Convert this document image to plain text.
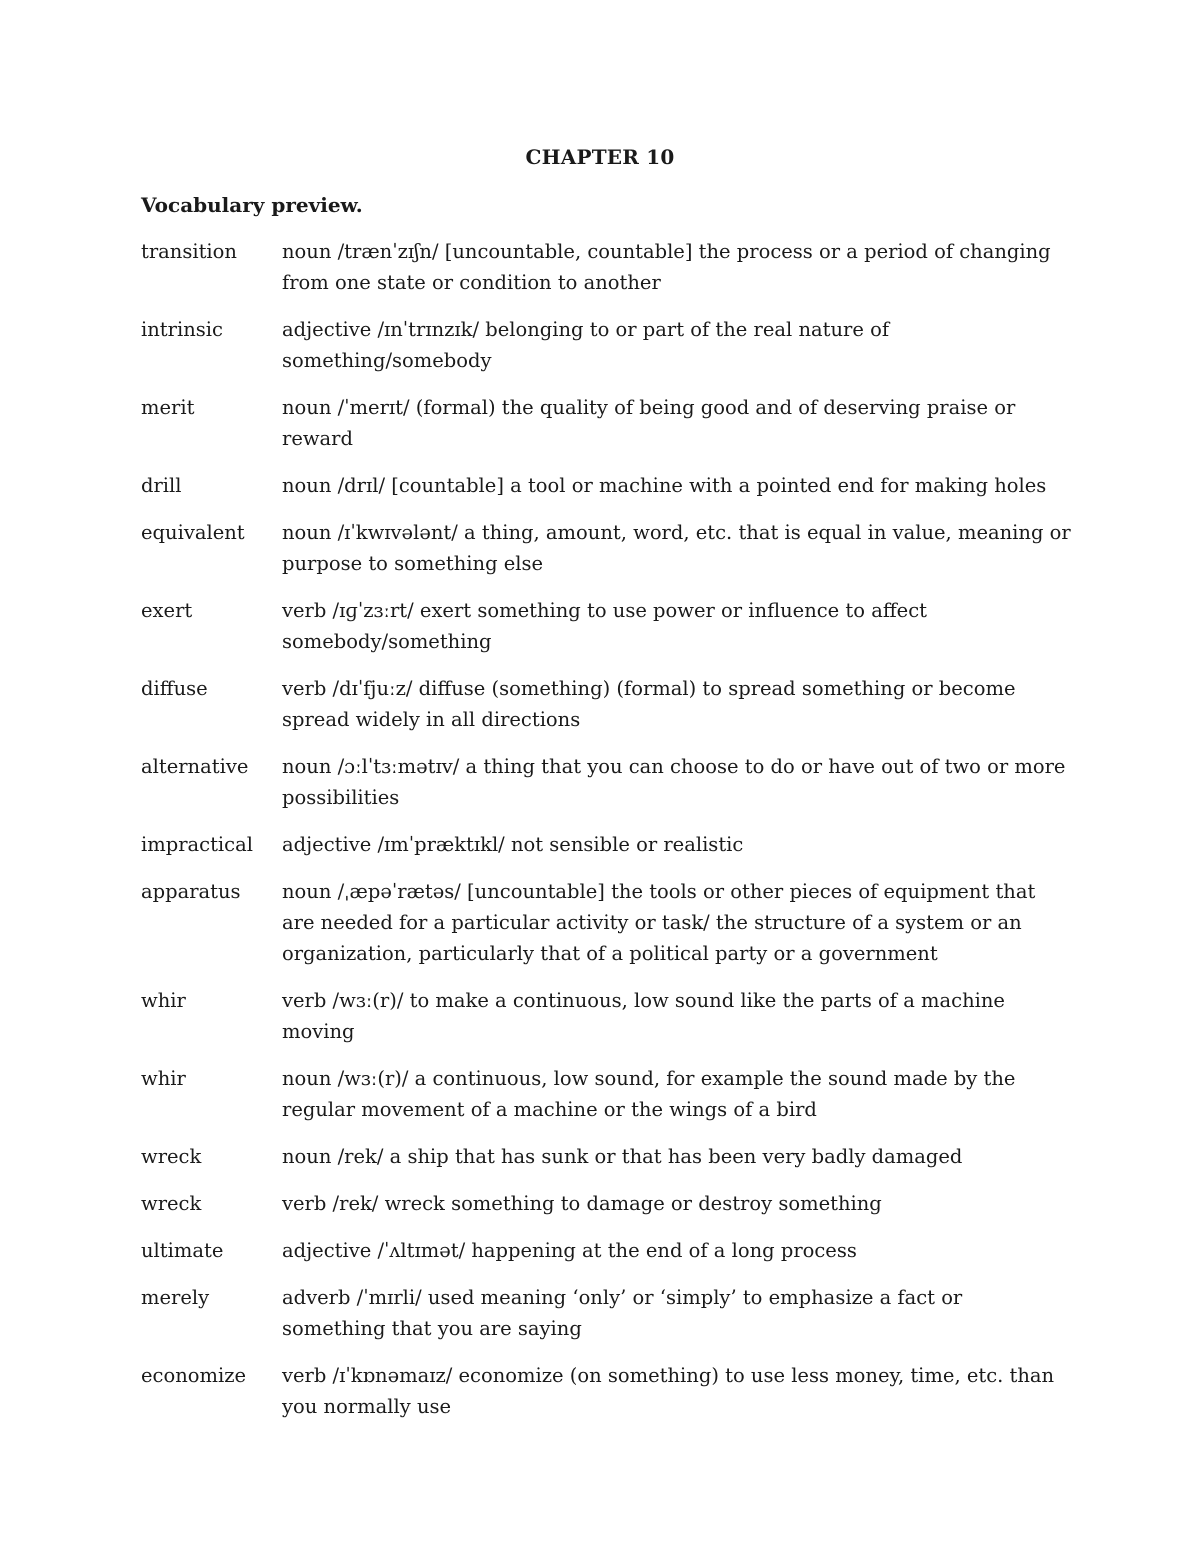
CHAPTER 10
Vocabulary preview.
transition	noun /trænˈzɪʃn/ [uncountable, countable] the process or a period of changing from one state or condition to another
intrinsic	adjective /ɪnˈtrɪnzɪk/ belonging to or part of the real nature of something/somebody
merit	noun /ˈmerɪt/ (formal) the quality of being good and of deserving praise or reward
drill	noun /drɪl/ [countable] a tool or machine with a pointed end for making holes
equivalent	noun /ɪˈkwɪvələnt/ a thing, amount, word, etc. that is equal in value, meaning or purpose to something else
exert	verb /ɪɡˈzɜːrt/ exert something to use power or influence to affect somebody/something
diffuse	verb /dɪˈfjuːz/ diffuse (something) (formal) to spread something or become spread widely in all directions
alternative	noun /ɔːlˈtɜːmətɪv/ a thing that you can choose to do or have out of two or more possibilities
impractical	adjective /ɪmˈpræktɪkl/ not sensible or realistic
apparatus	noun /ˌæpəˈrætəs/ [uncountable] the tools or other pieces of equipment that are needed for a particular activity or task/ the structure of a system or an organization, particularly that of a political party or a government
whir	verb /wɜː(r)/ to make a continuous, low sound like the parts of a machine moving
whir	noun /wɜː(r)/ a continuous, low sound, for example the sound made by the regular movement of a machine or the wings of a bird
wreck	noun /rek/ a ship that has sunk or that has been very badly damaged
wreck	verb /rek/ wreck something to damage or destroy something
ultimate	adjective /ˈʌltɪmət/ happening at the end of a long process
merely	adverb /ˈmɪrli/ used meaning ‘only’ or ‘simply’ to emphasize a fact or something that you are saying
economize	verb /ɪˈkɒnəmaɪz/ economize (on something) to use less money, time, etc. than you normally use
